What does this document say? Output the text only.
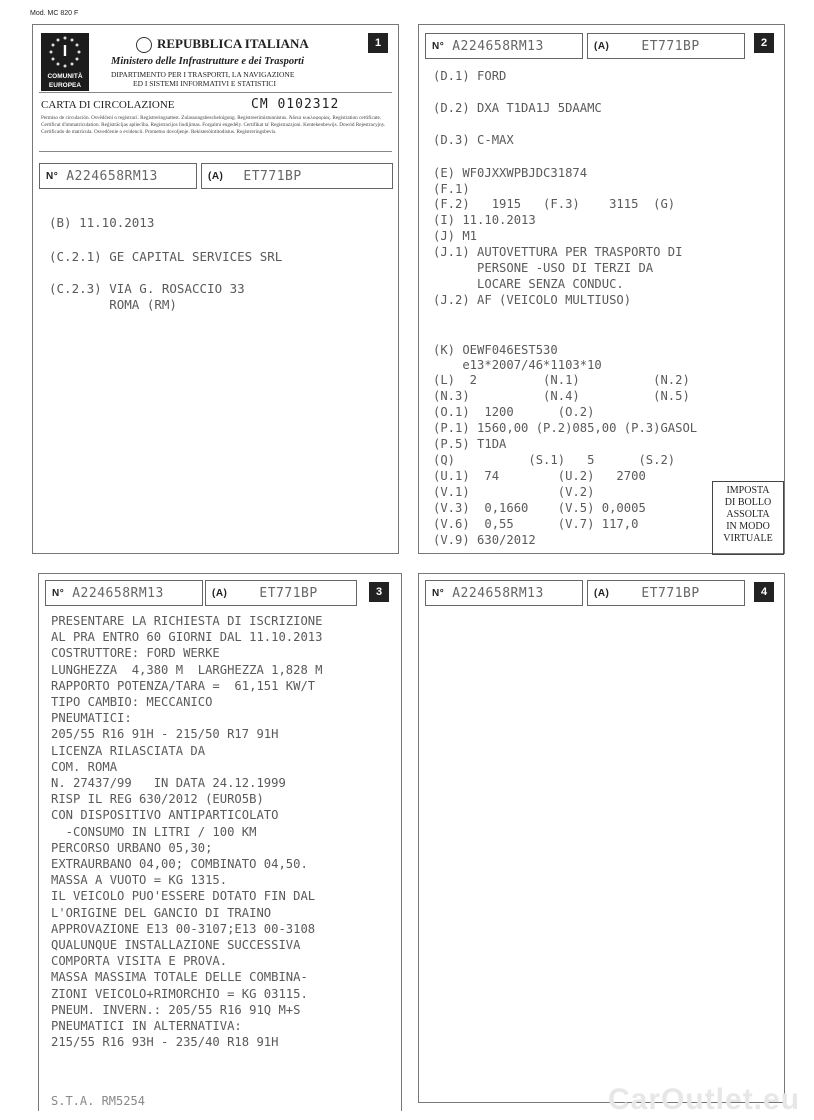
Mod. MC 820 F
I
COMUNITÀ
EUROPEA
REPUBBLICA ITALIANA
Ministero delle Infrastrutture e dei Trasporti
DIPARTIMENTO PER I TRASPORTI, LA NAVIGAZIONE
ED I SISTEMI INFORMATIVI E STATISTICI
CARTA DI CIRCOLAZIONE	CM 0102312
Permiso de circulación. Osvědčení o registraci. Registreringsattest. Zulassungsbescheinigung. Registreerimistunnistus. Άδεια κυκλοφορίας. Registration certificate. Certificat d'immatriculation. Reģistrācijas apliecība. Registracijos liudijimas. Forgalmi engedély. Certifikat ta' Registrazzjoni. Kentekenbewijs. Dowód Rejestracyjny. Certificado de matrícula. Osvedčenie o evidencii. Prometno dovoljenje. Rekisteröintitodistus. Registreringsbevis.
N° A224658RM13	(A) ET771BP
1
(B) 11.10.2013
(C.2.1) GE CAPITAL SERVICES SRL
(C.2.3) VIA G. ROSACCIO 33
ROMA (RM)
N° A224658RM13	(A) ET771BP	2
(D.1) FORD
(D.2) DXA T1DA1J 5DAAMC
(D.3) C-MAX
(E) WF0JXXWPBJDC31874
(F.1)
(F.2)   1915   (F.3)    3115  (G)
(I) 11.10.2013
(J) M1
(J.1) AUTOVETTURA PER TRASPORTO DI
PERSONE -USO DI TERZI DA
LOCARE SENZA CONDUC.
(J.2) AF (VEICOLO MULTIUSO)
(K) OEWF046EST530
e13*2007/46*1103*10
(L)  2         (N.1)          (N.2)
(N.3)          (N.4)          (N.5)
(O.1)  1200      (O.2)
(P.1) 1560,00 (P.2)085,00 (P.3)GASOL
(P.5) T1DA
(Q)          (S.1)   5      (S.2)
(U.1)  74        (U.2)   2700
(V.1)            (V.2)
(V.3)  0,1660    (V.5) 0,0005
(V.6)  0,55      (V.7) 117,0
(V.9) 630/2012
IMPOSTA
DI BOLLO
ASSOLTA
IN MODO
VIRTUALE
N° A224658RM13	(A) ET771BP	3
PRESENTARE LA RICHIESTA DI ISCRIZIONE
AL PRA ENTRO 60 GIORNI DAL 11.10.2013
COSTRUTTORE: FORD WERKE
LUNGHEZZA  4,380 M  LARGHEZZA 1,828 M
RAPPORTO POTENZA/TARA =  61,151 KW/T
TIPO CAMBIO: MECCANICO
PNEUMATICI:
205/55 R16 91H - 215/50 R17 91H
LICENZA RILASCIATA DA
COM. ROMA
N. 27437/99   IN DATA 24.12.1999
RISP IL REG 630/2012 (EURO5B)
CON DISPOSITIVO ANTIPARTICOLATO
-CONSUMO IN LITRI / 100 KM
PERCORSO URBANO 05,30;
EXTRAURBANO 04,00; COMBINATO 04,50.
MASSA A VUOTO = KG 1315.
IL VEICOLO PUO'ESSERE DOTATO FIN DAL
L'ORIGINE DEL GANCIO DI TRAINO
APPROVAZIONE E13 00-3107;E13 00-3108
QUALUNQUE INSTALLAZIONE SUCCESSIVA
COMPORTA VISITA E PROVA.
MASSA MASSIMA TOTALE DELLE COMBINA-
ZIONI VEICOLO+RIMORCHIO = KG 03115.
PNEUM. INVERN.: 205/55 R16 91Q M+S
PNEUMATICI IN ALTERNATIVA:
215/55 R16 93H - 235/40 R18 91H
S.T.A. RM5254
N° A224658RM13	(A) ET771BP	4
CarOutlet.eu
